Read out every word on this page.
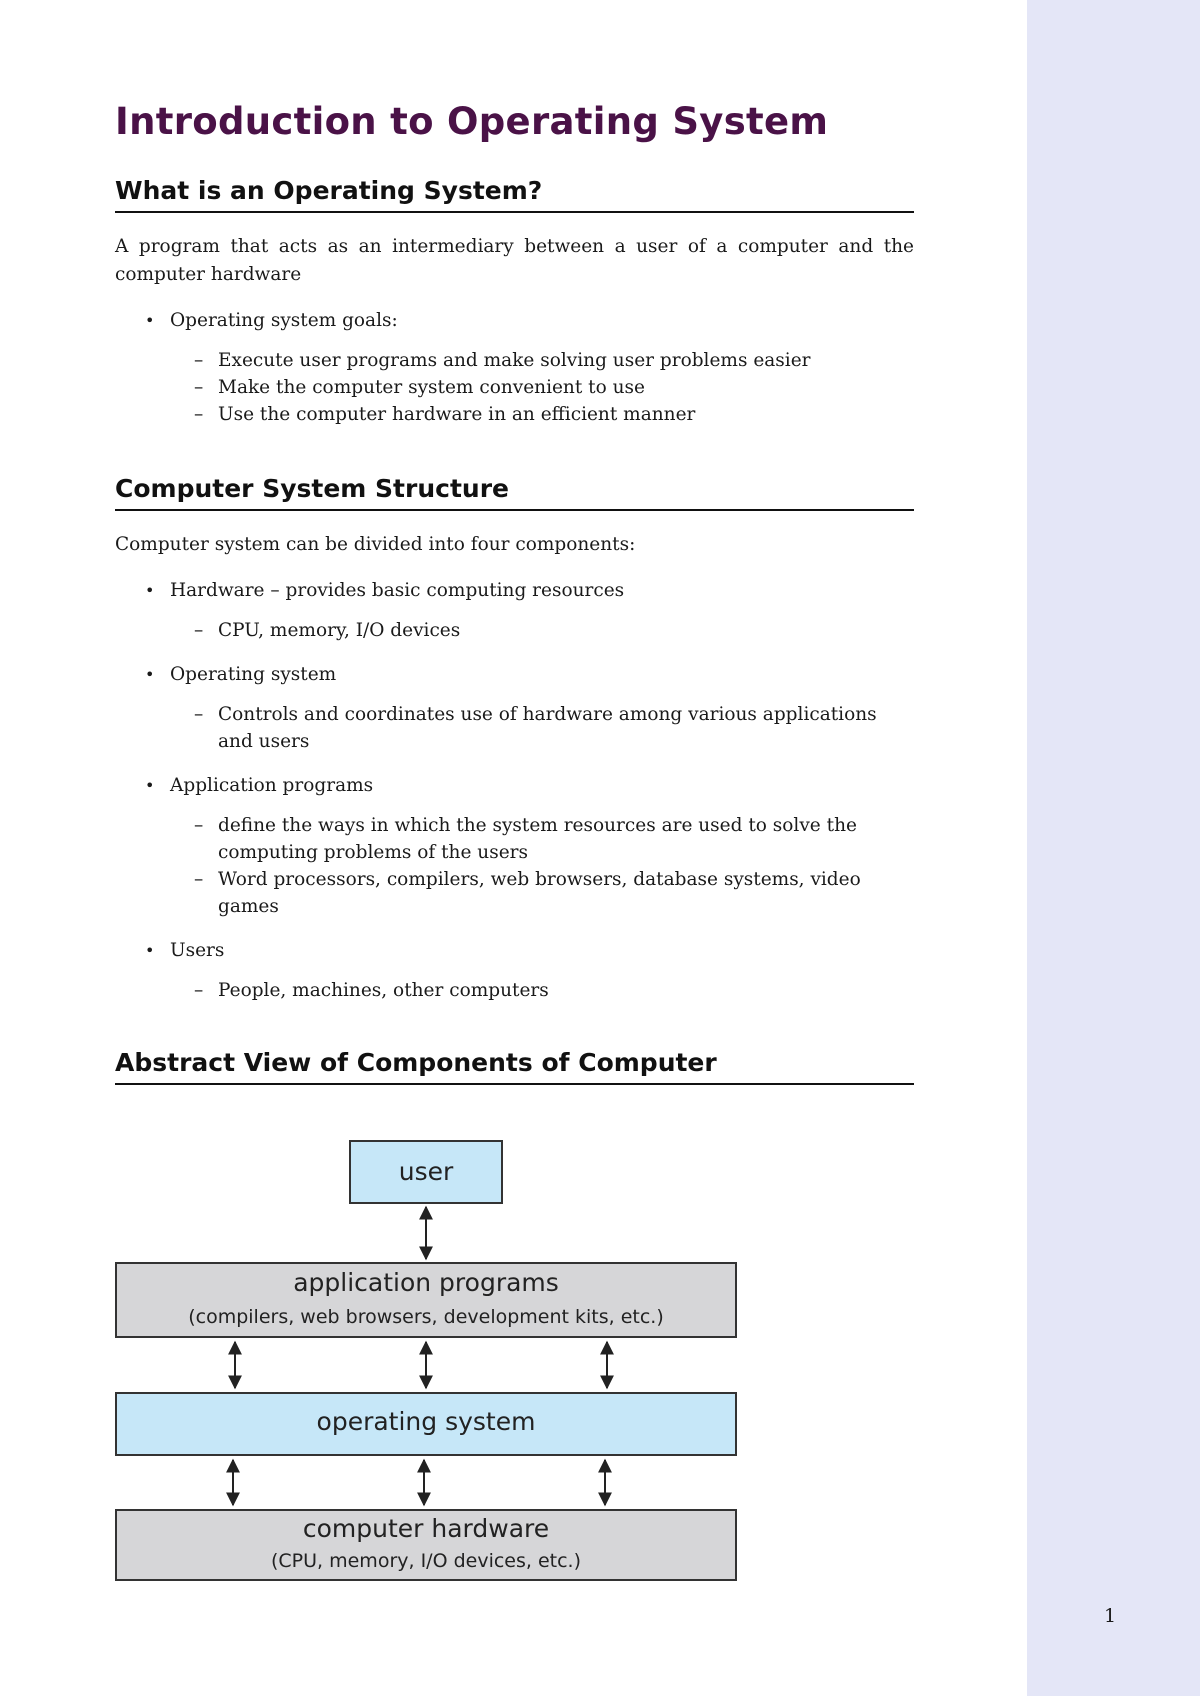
1
Introduction to Operating System
What is an Operating System?

A program that acts as an intermediary between a user of a computer and the computer hardware

• Operating system goals:
– Execute user programs and make solving user problems easier
– Make the computer system convenient to use
– Use the computer hardware in an efficient manner
Computer System Structure

Computer system can be divided into four components:

• Hardware – provides basic computing resources
– CPU, memory, I/O devices
• Operating system
– Controls and coordinates use of hardware among various applications and users
• Application programs
– define the ways in which the system resources are used to solve the computing problems of the users
– Word processors, compilers, web browsers, database systems, video games
• Users
– People, machines, other computers
Abstract View of Components of Computer
user
application programs
(compilers, web browsers, development kits, etc.)
operating system
computer hardware
(CPU, memory, I/O devices, etc.)
